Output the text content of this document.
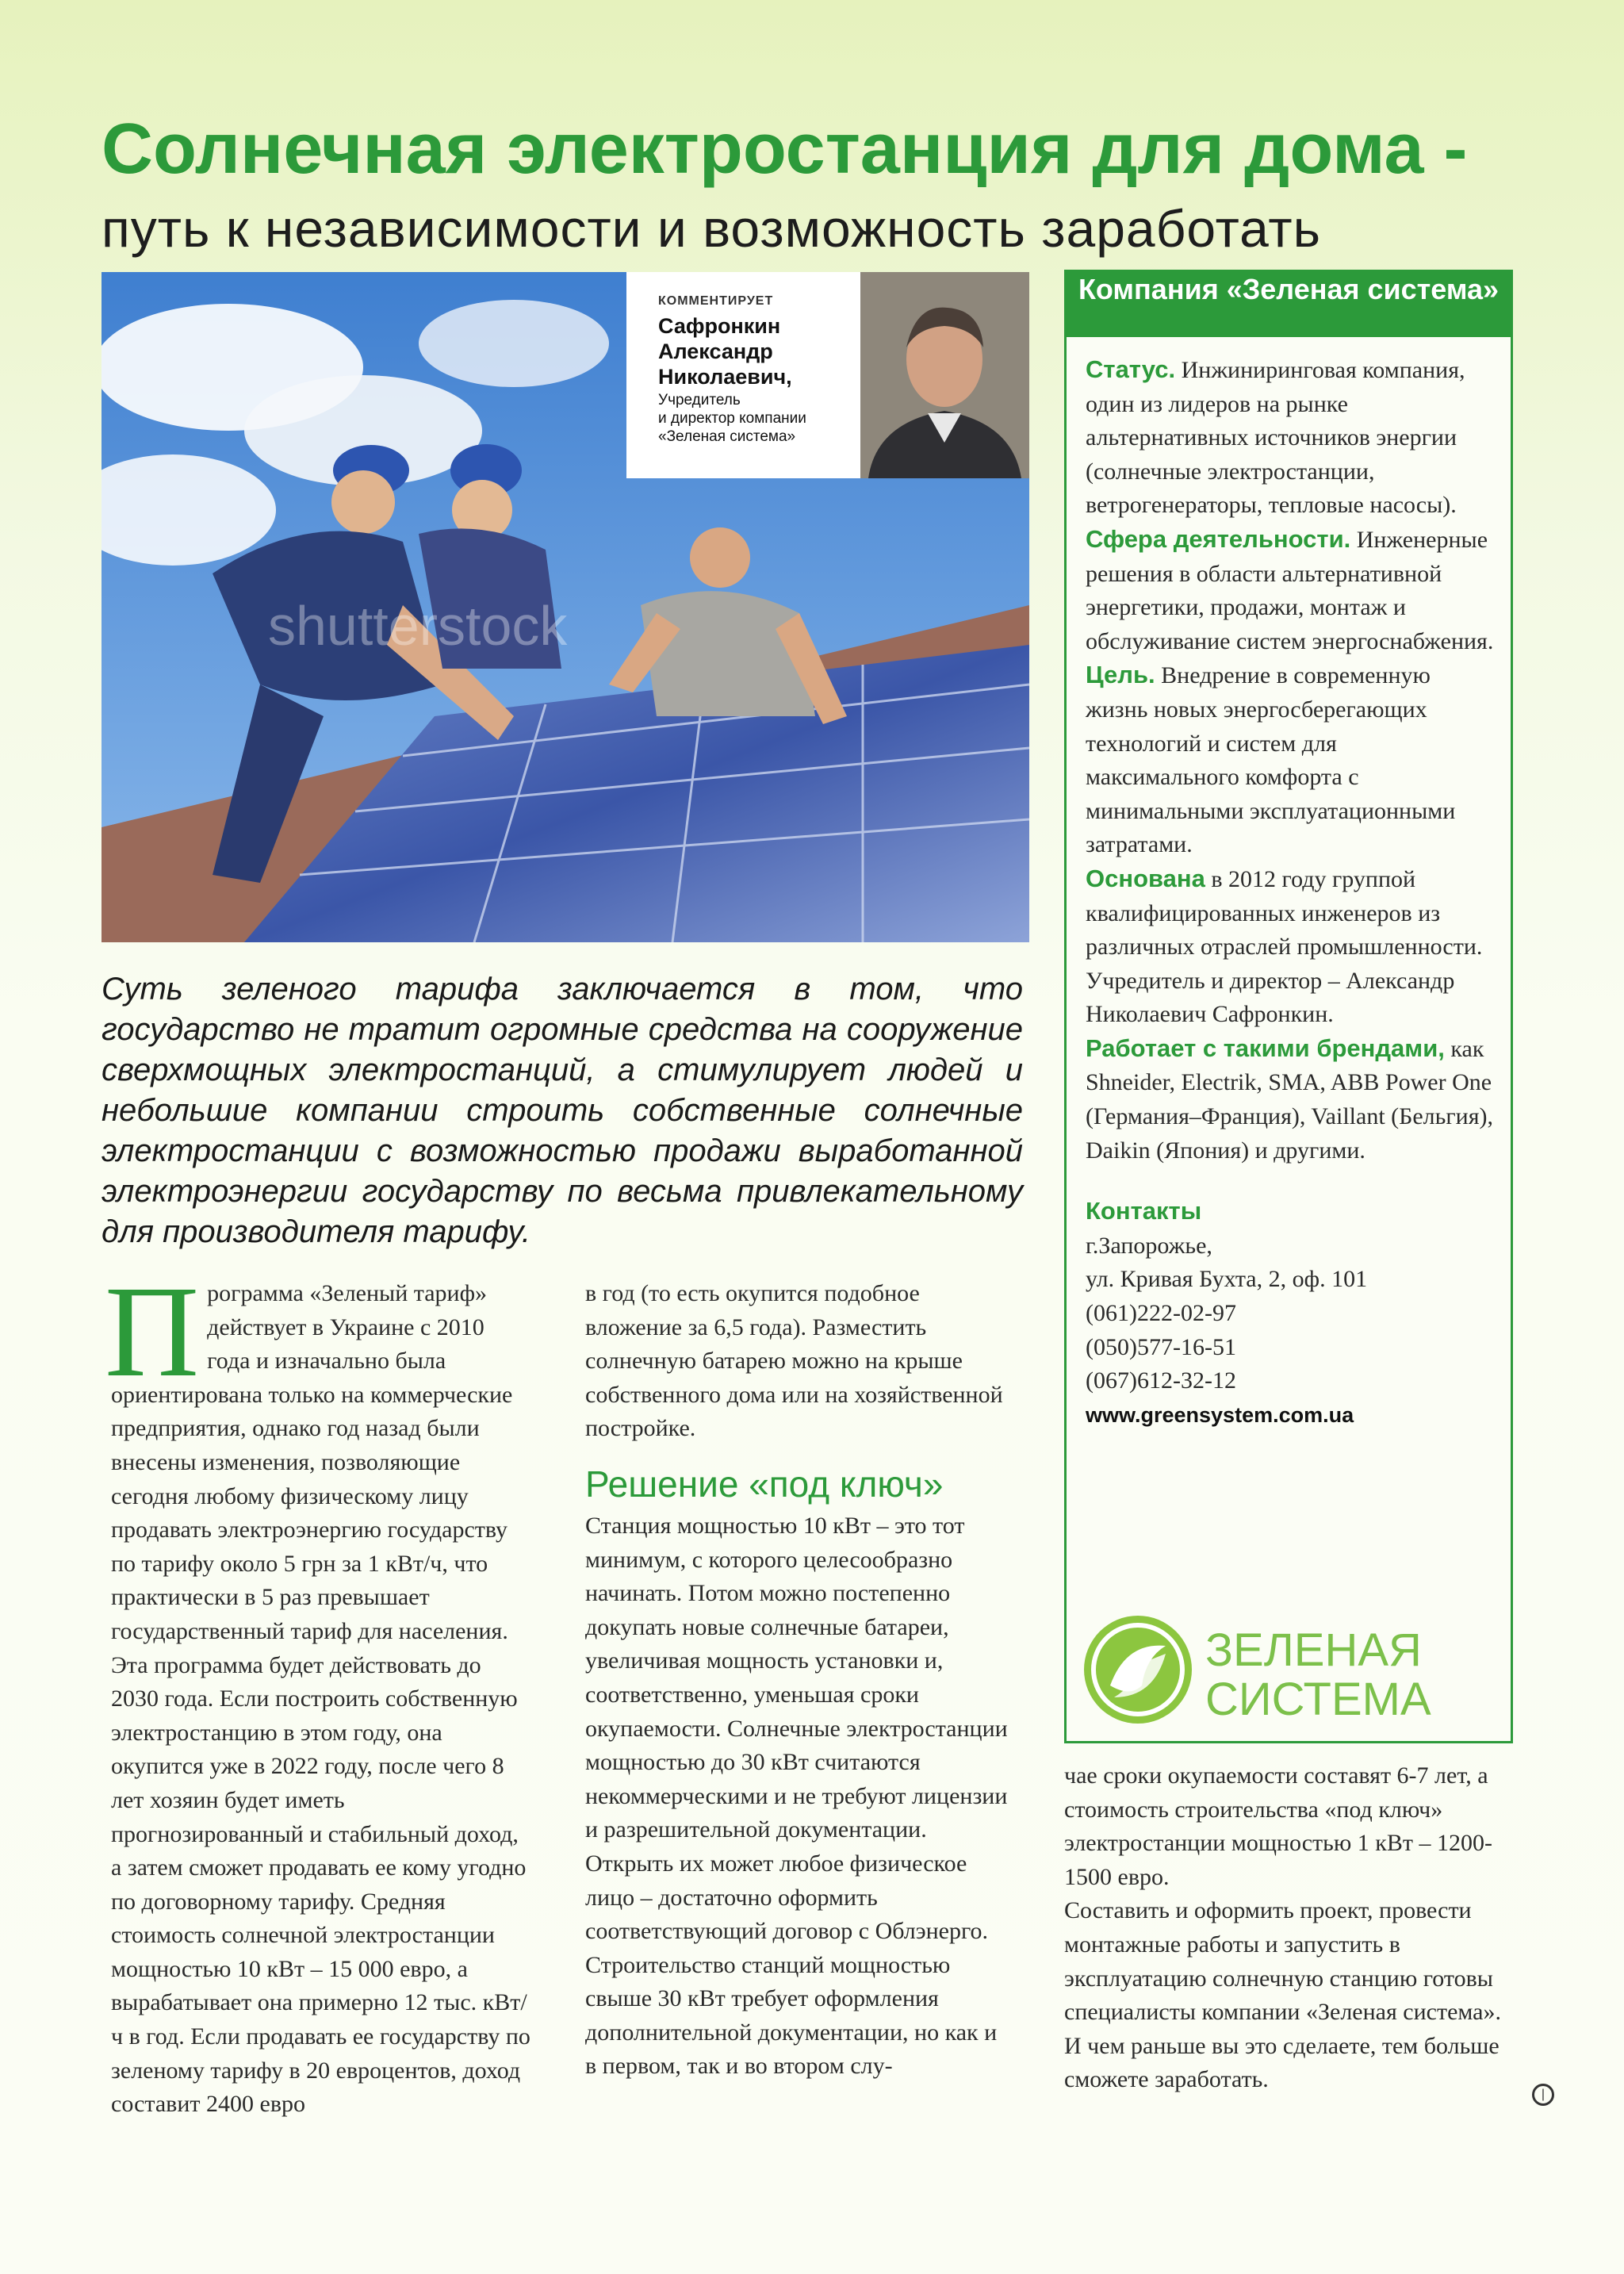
Солнечная электростанция для дома -
путь к независимости и возможность заработать
shutterstock
КОММЕНТИРУЕТ
Сафронкин
Александр
Николаевич,
Учредитель
и директор компании
«Зеленая система»
Суть зеленого тарифа заключается в том, что государство не тратит огромные средства на сооружение сверхмощных электростанций, а стимулирует людей и небольшие компании строить собственные солнечные электростанции с возможностью продажи выработанной электроэнергии государству по весьма привлекательному для производителя тарифу.
Программа «Зеленый тариф» действует в Украине с 2010 года и изначально была ориентирована только на коммерческие предприятия, однако год назад были внесены изменения, позволяющие сегодня любому физическому лицу продавать электроэнергию государству по тарифу около 5 грн за 1 кВт/ч, что практически в 5 раз превышает государственный тариф для населения. Эта программа будет действовать до 2030 года. Если построить собственную электростанцию в этом году, она окупится уже в 2022 году, после чего 8 лет хозяин будет иметь прогнозированный и стабильный доход, а затем сможет продавать ее кому угодно по договорному тарифу. Средняя стоимость солнечной электростанции мощностью 10 кВт – 15 000 евро, а вырабатывает она примерно 12 тыс. кВт/ч в год. Если продавать ее государству по зеленому тарифу в 20 евроцентов, доход составит 2400 евро
в год (то есть окупится подобное вложение за 6,5 года). Разместить солнечную батарею можно на крыше собственного дома или на хозяйственной постройке.
Решение «под ключ»
Станция мощностью 10 кВт – это тот минимум, с которого целесообразно начинать. Потом можно постепенно докупать новые солнечные батареи, увеличивая мощность установки и, соответственно, уменьшая сроки окупаемости. Солнечные электростанции мощностью до 30 кВт считаются некоммерческими и не требуют лицензии и разрешительной документации. Открыть их может любое физическое лицо – достаточно оформить соответствующий договор с Облэнерго. Строительство станций мощностью свыше 30 кВт требует оформления дополнительной документации, но как и в первом, так и во втором слу-
Компания «Зеленая система»

Статус. Инжиниринговая компания, один из лидеров на рынке альтернативных источников энергии (солнечные электростанции, ветрогенераторы, тепловые насосы).

Сфера деятельности. Инженерные решения в области альтернативной энергетики, продажи, монтаж и обслуживание систем энергоснабжения.

Цель. Внедрение в современную жизнь новых энергосберегающих технологий и систем для максимального комфорта с минимальными эксплуатационными затратами.

Основана в 2012 году группой квалифицированных инженеров из различных отраслей промышленности. Учредитель и директор – Александр Николаевич Сафронкин.

Работает с такими брендами, как Shneider, Electrik, SMA, ABB Power One (Германия–Франция), Vaillant (Бельгия), Daikin (Япония) и другими.

Контакты

г.Запорожье,

ул. Кривая Бухта, 2, оф. 101

(061)222-02-97

(050)577-16-51

(067)612-32-12

www.greensystem.com.ua

ЗЕЛЕНАЯ
СИСТЕМА
чае сроки окупаемости составят 6-7 лет, а стоимость строительства «под ключ» электростанции мощностью 1 кВт – 1200-1500 евро.
Составить и оформить проект, провести монтажные работы и запустить в эксплуатацию солнечную станцию готовы специалисты компании «Зеленая система». И чем раньше вы это сделаете, тем больше сможете заработать.
|
